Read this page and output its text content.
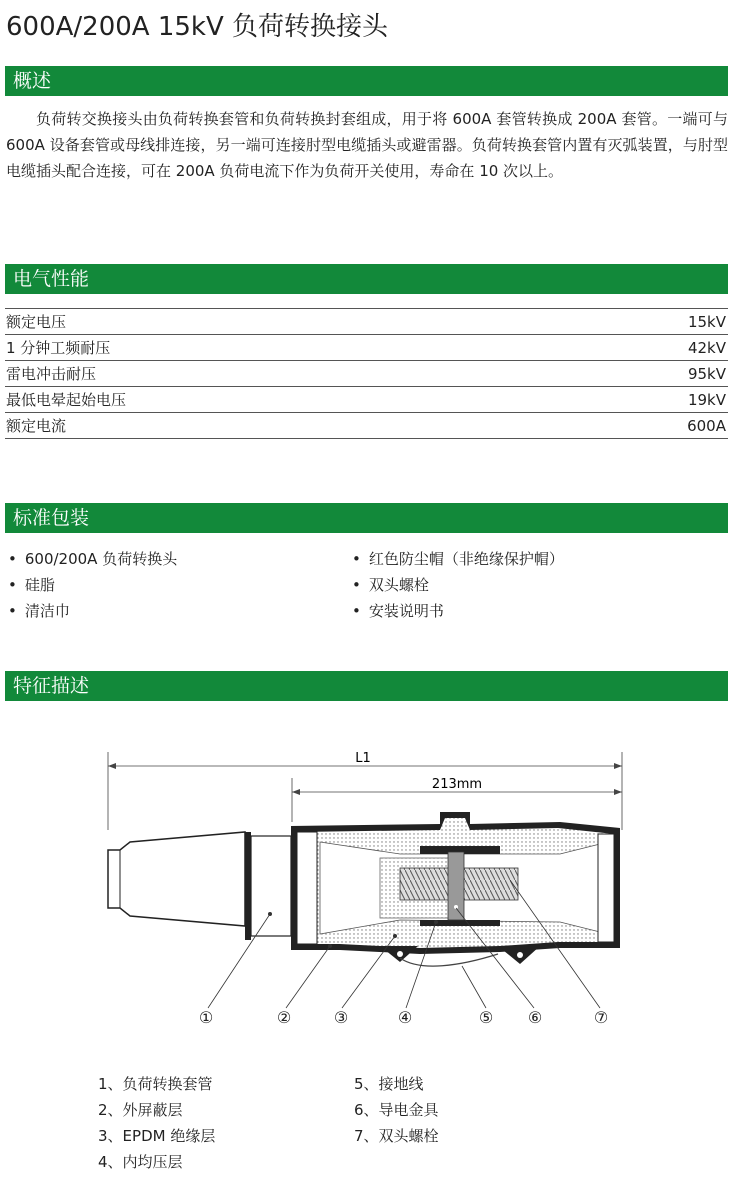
600A/200A 15kV 负荷转换接头
概述
负荷转交换接头由负荷转换套管和负荷转换封套组成，用于将 600A 套管转换成 200A 套管。一端可与 600A 设备套管或母线排连接，另一端可连接肘型电缆插头或避雷器。负荷转换套管内置有灭弧装置，与肘型电缆插头配合连接，可在 200A 负荷电流下作为负荷开关使用，寿命在 10 次以上。
电气性能
额定电压	15kV
1 分钟工频耐压	42kV
雷电冲击耐压	95kV
最低电晕起始电压	19kV
额定电流	600A
标准包装
• 600/200A 负荷转换头
• 硅脂
• 清洁巾
• 红色防尘帽（非绝缘保护帽）
• 双头螺栓
• 安装说明书
特征描述
L1
213mm
①	②	③	④	⑤ ⑥	⑦
1、负荷转换套管
2、外屏蔽层
3、EPDM 绝缘层
4、内均压层
5、接地线
6、导电金具
7、双头螺栓
